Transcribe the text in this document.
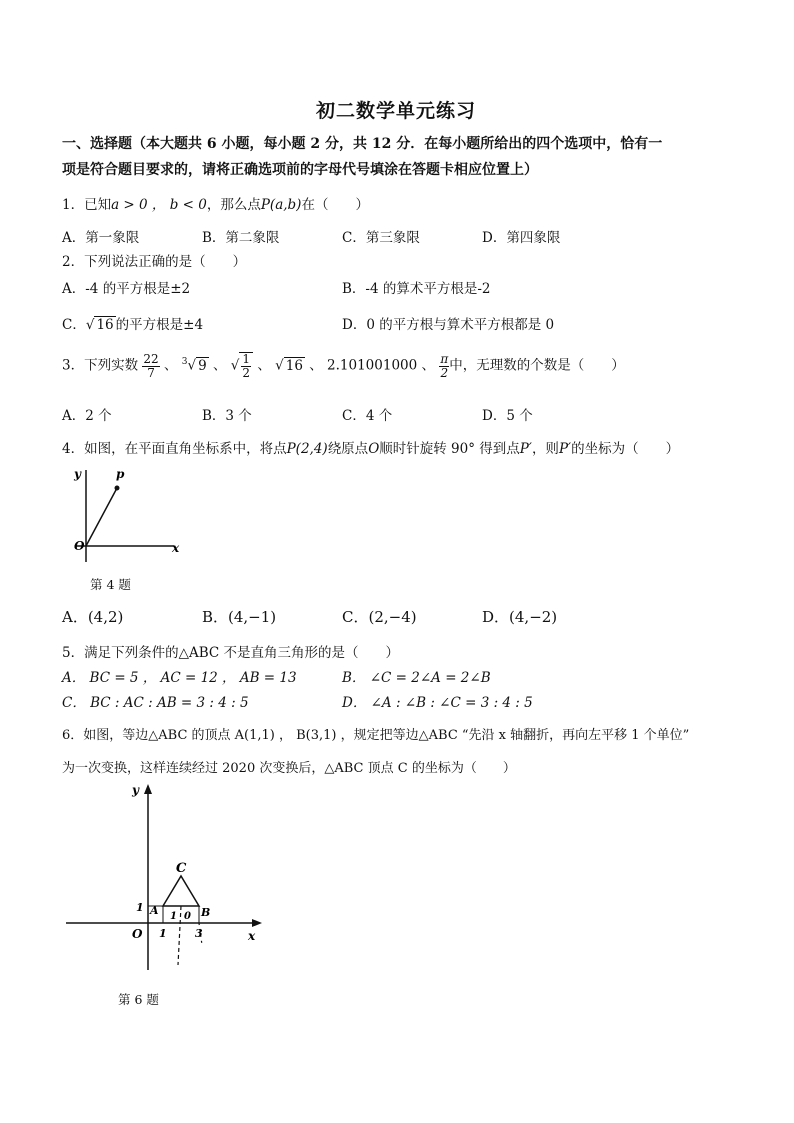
初二数学单元练习
一、选择题（本大题共 6 小题，每小题 2 分，共 12 分．在每小题所给出的四个选项中，恰有一
项是符合题目要求的，请将正确选项前的字母代号填涂在答题卡相应位置上）
1．已知a > 0 ， b < 0，那么点P(a,b)在（　　）
A．第一象限	B．第二象限	C．第三象限	D．第四象限
2．下列说法正确的是（　　）
A．-4 的平方根是±2	B．-4 的算术平方根是-2
C．√ 16 的平方根是±4	D．0 的平方根与算术平方根都是 0
3．下列实数 $\frac{22}{7}$ 、 $^3$√ 9 、 √ $\frac{1}{2}$ 、 √ 16 、 2.101001000 、 $\frac{\pi}{2}$ 中，无理数的个数是（　　）
A．2 个	B．3 个	C．4 个	D．5 个
4．如图，在平面直角坐标系中，将点P(2,4)绕原点O顺时针旋转 90° 得到点P′，则P′的坐标为（　　）
y	p
O	x
第 4 题
A．(4,2)	B．(4,−1)	C．(2,−4)	D．(4,−2)
5．满足下列条件的△ABC 不是直角三角形的是（　　）
A． BC = 5 ， AC = 12 ， AB = 13	B． ∠C = 2∠A = 2∠B
C． BC : AC : AB = 3 : 4 : 5	D． ∠A : ∠B : ∠C = 3 : 4 : 5
6．如图，等边△ABC 的顶点 A(1,1) ， B(3,1) ，规定把等边△ABC “先沿 x 轴翻折，再向左平移 1 个单位”
为一次变换，这样连续经过 2020 次变换后，△ABC 顶点 C 的坐标为（　　）
y
x
O
C
A	B
1
1	3
1 0
第 6 题
